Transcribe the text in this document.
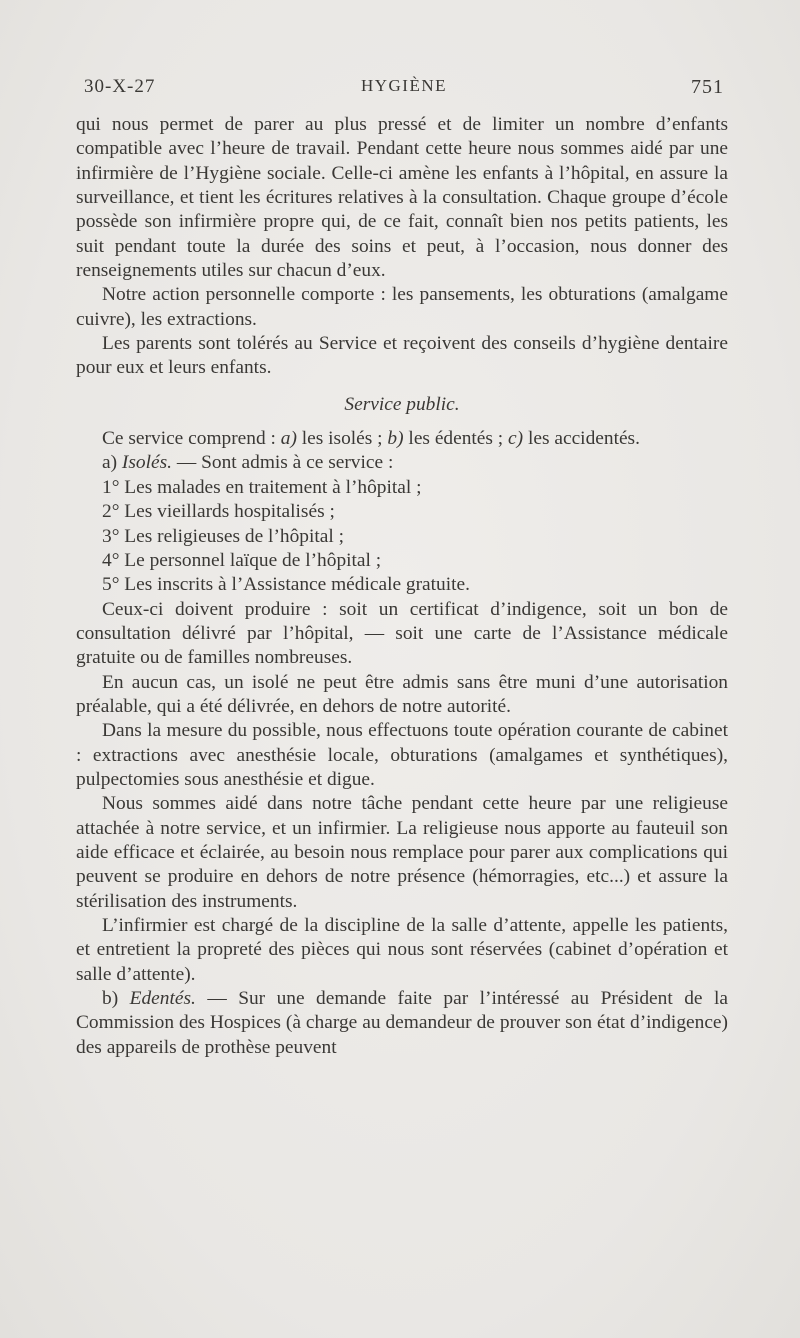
30-X-27	HYGIÈNE	751

qui nous permet de parer au plus pressé et de limiter un nombre d’enfants compatible avec l’heure de travail. Pendant cette heure nous sommes aidé par une infirmière de l’Hygiène sociale. Celle-ci amène les enfants à l’hôpital, en assure la surveillance, et tient les écritures relatives à la consultation. Chaque groupe d’école possède son infirmière propre qui, de ce fait, connaît bien nos petits patients, les suit pendant toute la durée des soins et peut, à l’occasion, nous donner des renseignements utiles sur chacun d’eux.

Notre action personnelle comporte : les pansements, les obturations (amalgame cuivre), les extractions.

Les parents sont tolérés au Service et reçoivent des conseils d’hygiène dentaire pour eux et leurs enfants.

Service public.

Ce service comprend : a) les isolés ; b) les édentés ; c) les accidentés.

a) Isolés. — Sont admis à ce service :

1° Les malades en traitement à l’hôpital ;

2° Les vieillards hospitalisés ;

3° Les religieuses de l’hôpital ;

4° Le personnel laïque de l’hôpital ;

5° Les inscrits à l’Assistance médicale gratuite.

Ceux-ci doivent produire : soit un certificat d’indigence, soit un bon de consultation délivré par l’hôpital, — soit une carte de l’Assistance médicale gratuite ou de familles nombreuses.

En aucun cas, un isolé ne peut être admis sans être muni d’une autorisation préalable, qui a été délivrée, en dehors de notre autorité.

Dans la mesure du possible, nous effectuons toute opération courante de cabinet : extractions avec anesthésie locale, obturations (amalgames et synthétiques), pulpectomies sous anesthésie et digue.

Nous sommes aidé dans notre tâche pendant cette heure par une religieuse attachée à notre service, et un infirmier. La religieuse nous apporte au fauteuil son aide efficace et éclairée, au besoin nous remplace pour parer aux complications qui peuvent se produire en dehors de notre présence (hémorragies, etc...) et assure la stérilisation des instruments.

L’infirmier est chargé de la discipline de la salle d’attente, appelle les patients, et entretient la propreté des pièces qui nous sont réservées (cabinet d’opération et salle d’attente).

b) Edentés. — Sur une demande faite par l’intéressé au Président de la Commission des Hospices (à charge au demandeur de prouver son état d’indigence) des appareils de prothèse peuvent
